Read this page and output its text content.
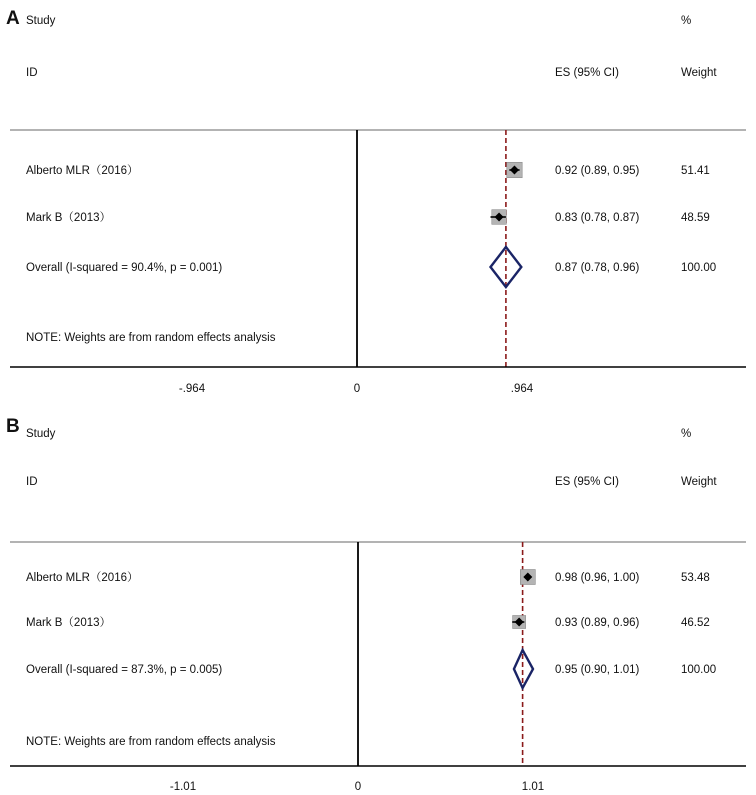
A Study
ID	ES (95% CI)
%
Weight
Alberto MLR（2016）	0.92 (0.89, 0.95)	51.41
Mark B（2013）	0.83 (0.78, 0.87)	48.59
Overall (I-squared = 90.4%, p = 0.001)	0.87 (0.78, 0.96)	100.00
NOTE: Weights are from random effects analysis
-.964	0	.964
B Study
ID	ES (95% CI)
%
Weight
Alberto MLR（2016）	0.98 (0.96, 1.00)	53.48
Mark B（2013）	0.93 (0.89, 0.96)	46.52
Overall (I-squared = 87.3%, p = 0.005)	0.95 (0.90, 1.01)	100.00
NOTE: Weights are from random effects analysis
-1.01	0	1.01
